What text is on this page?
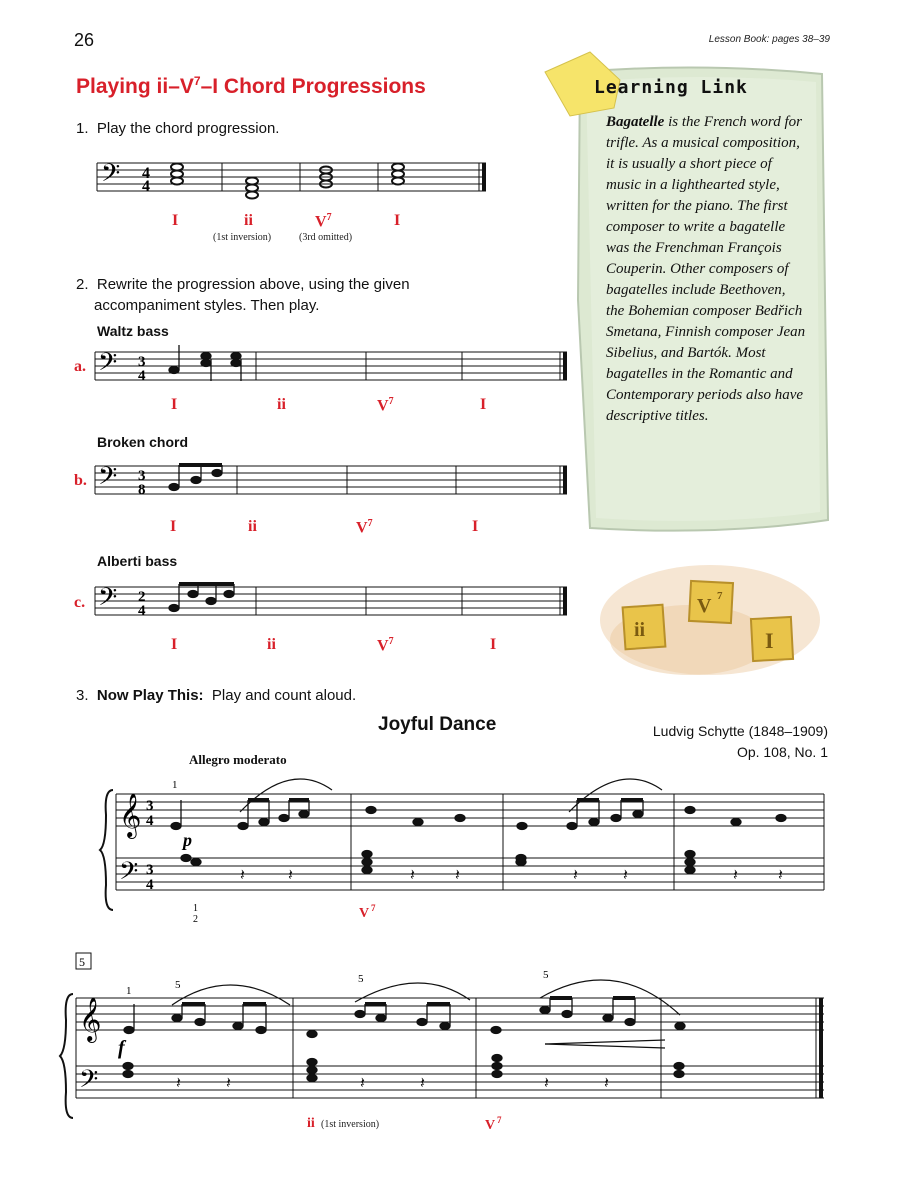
26	Lesson Book: pages 38–39
Playing $ii-V^7-I$ Chord Progressions
1. Play the chord progression.
𝄢 4
4
𝄢 3
4
𝄢 3
8
𝄢 2
4
𝄞
𝄢
3
4
3
4
𝄽	𝄽	𝄽	𝄽	𝄽	𝄽	𝄽	𝄽
p
1
1
2	V 7
5
𝄞
𝄢	𝄽	𝄽	𝄽	𝄽	𝄽	𝄽
f
1	5	5	5
ii (1st inversion)	V 7
ii
V 7
I
I	ii	$V^7$	I
(1st inversion)	(3rd omitted)
2. Rewrite the progression above, using the given
accompaniment styles. Then play.
Waltz bass
a.
I	ii	$V^7$	I
Broken chord
b.
I	ii	$V^7$	I
Alberti bass
c.
I	ii	$V^7$	I
3. Now Play This: Play and count aloud.
Joyful Dance	Ludvig Schytte (1848–1909)
Op. 108, No. 1
Allegro moderato
Learning Link
Bagatelle is the French word for trifle. As a musical composition, it is usually a short piece of music in a lighthearted style, written for the piano. The first composer to write a bagatelle was the Frenchman François Couperin. Other composers of bagatelles include Beethoven, the Bohemian composer Bedřich Smetana, Finnish composer Jean Sibelius, and Bartók. Most bagatelles in the Romantic and Contemporary periods also have descriptive titles.
